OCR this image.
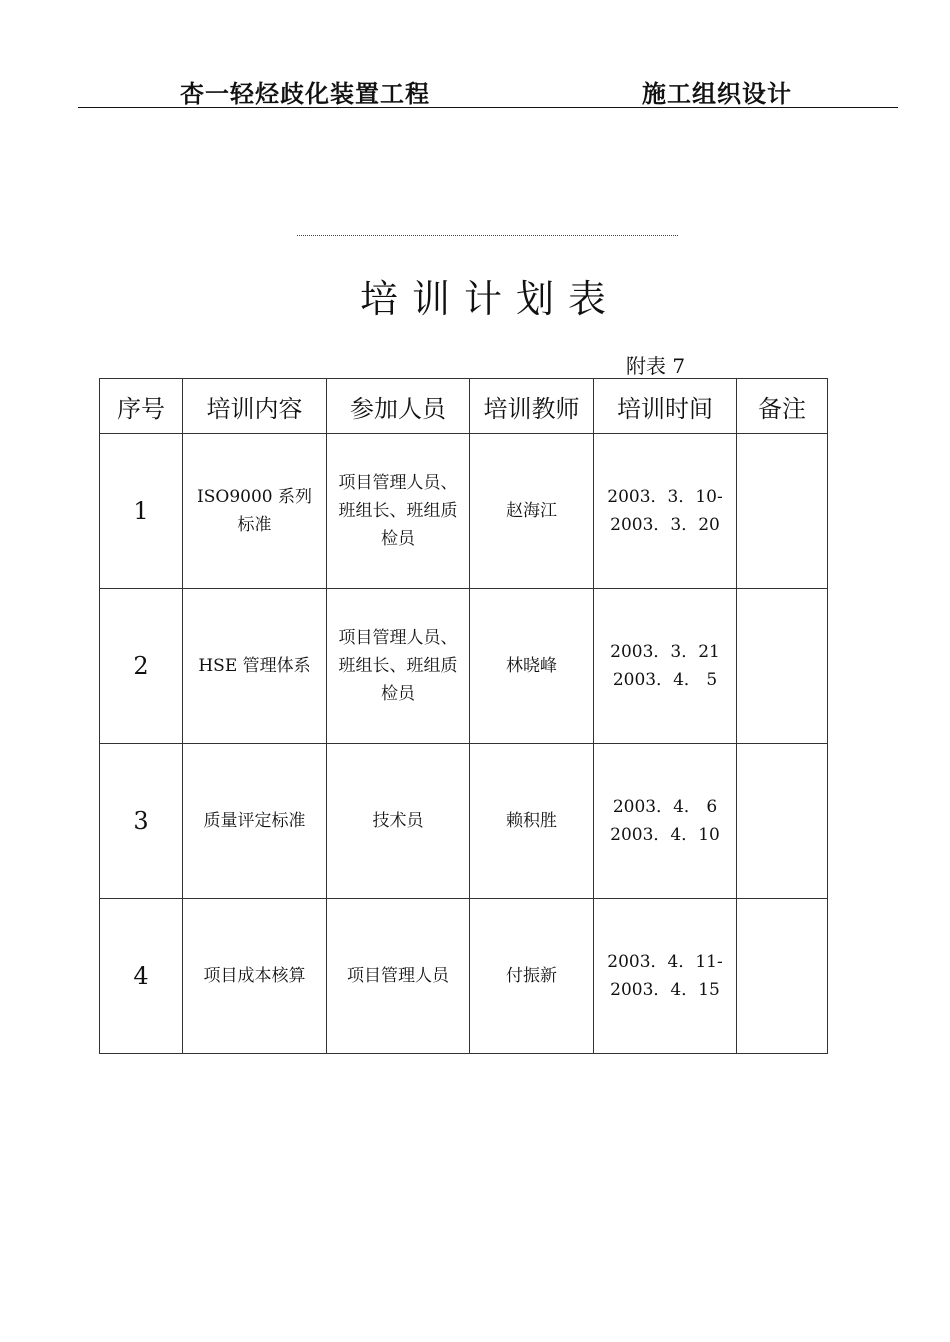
杏一轻烃歧化装置工程	施工组织设计
培训计划表
附表 7
序号	培训内容	参加人员	培训教师	培训时间	备注
1	ISO9000 系列标准	项目管理人员、班组长、班组质检员	赵海江	2003．3．10-
2003．3．20	

2	HSE 管理体系	项目管理人员、班组长、班组质检员	林晓峰	2003．3．21
2003．4． 5	

3	质量评定标准	技术员	赖积胜	2003．4． 6
2003．4．10	

4	项目成本核算	项目管理人员	付振新	2003．4．11-
2003．4．15	
